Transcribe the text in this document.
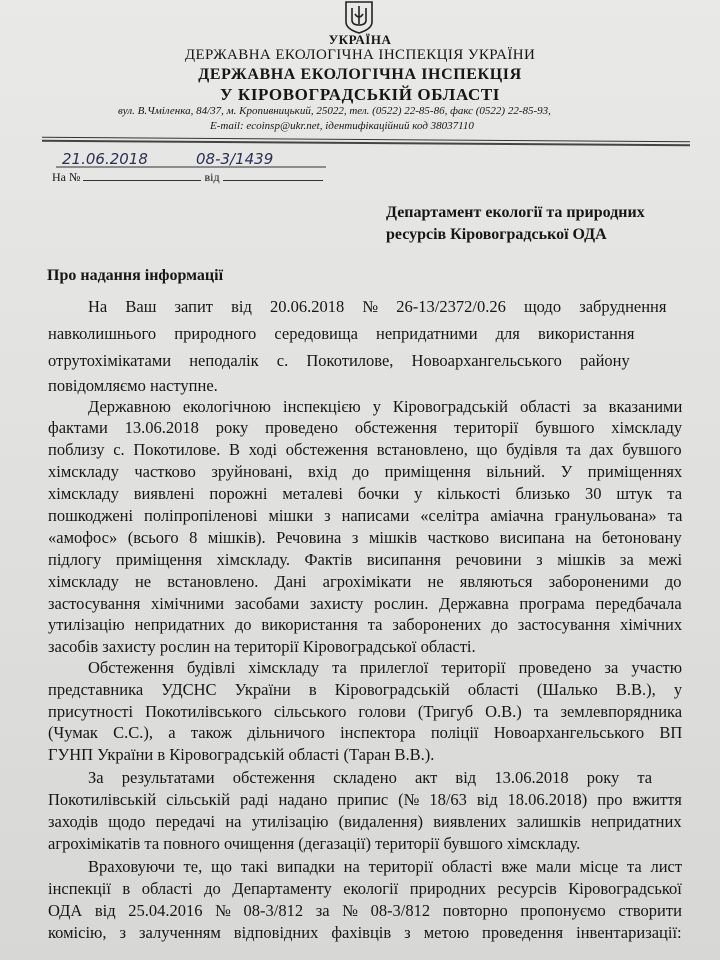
УКРАЇНА
ДЕРЖАВНА ЕКОЛОГІЧНА ІНСПЕКЦІЯ УКРАЇНИ
ДЕРЖАВНА ЕКОЛОГІЧНА ІНСПЕКЦІЯ
У КІРОВОГРАДСЬКІЙ ОБЛАСТІ
вул. В.Чміленка, 84/37, м. Кропивницький, 25022, тел. (0522) 22-85-86, факс (0522) 22-85-93,
E-mail: ecoinsp@ukr.net, ідентифікаційний код 38037110
21.06.2018	08-3/1439
На №	від
Департамент екології та природних
ресурсів Кіровоградської ОДА
Про надання інформації
На Ваш запит від 20.06.2018 № 26-13/2372/0.26 щодо забруднення
навколишнього природного середовища непридатними для використання
отрутохімікатами неподалік с. Покотилове, Новоархангельського району
повідомляємо наступне.
Державною екологічною інспекцією у Кіровоградській області за вказаними
фактами 13.06.2018 року проведено обстеження території бувшого хімскладу
поблизу с. Покотилове. В ході обстеження встановлено, що будівля та дах бувшого
хімскладу частково зруйновані, вхід до приміщення вільний. У приміщеннях
хімскладу виявлені порожні металеві бочки у кількості близько 30 штук та
пошкоджені поліпропіленові мішки з написами «селітра аміачна гранульована» та
«амофос» (всього 8 мішків). Речовина з мішків частково висипана на бетоновану
підлогу приміщення хімскладу. Фактів висипання речовини з мішків за межі
хімскладу не встановлено. Дані агрохімікати не являються забороненими до
застосування хімічними засобами захисту рослин. Державна програма передбачала
утилізацію непридатних до використання та заборонених до застосування хімічних
засобів захисту рослин на території Кіровоградської області.
Обстеження будівлі хімскладу та прилеглої території проведено за участю
представника УДСНС України в Кіровоградській області (Шалько В.В.), у
присутності Покотилівського сільського голови (Тригуб О.В.) та землевпорядника
(Чумак С.С.), а також дільничого інспектора поліції Новоархангельського ВП
ГУНП України в Кіровоградській області (Таран В.В.).
За результатами обстеження складено акт від 13.06.2018 року та
Покотилівській сільській раді надано припис (№ 18/63 від 18.06.2018) про вжиття
заходів щодо передачі на утилізацію (видалення) виявлених залишків непридатних
агрохімікатів та повного очищення (дегазації) території бувшого хімскладу.
Враховуючи те, що такі випадки на території області вже мали місце та лист
інспекції в області до Департаменту екології природних ресурсів Кіровоградської
ОДА від 25.04.2016 № 08-3/812 за № 08-3/812 повторно пропонуємо створити
комісію, з залученням відповідних фахівців з метою проведення інвентаризації:
